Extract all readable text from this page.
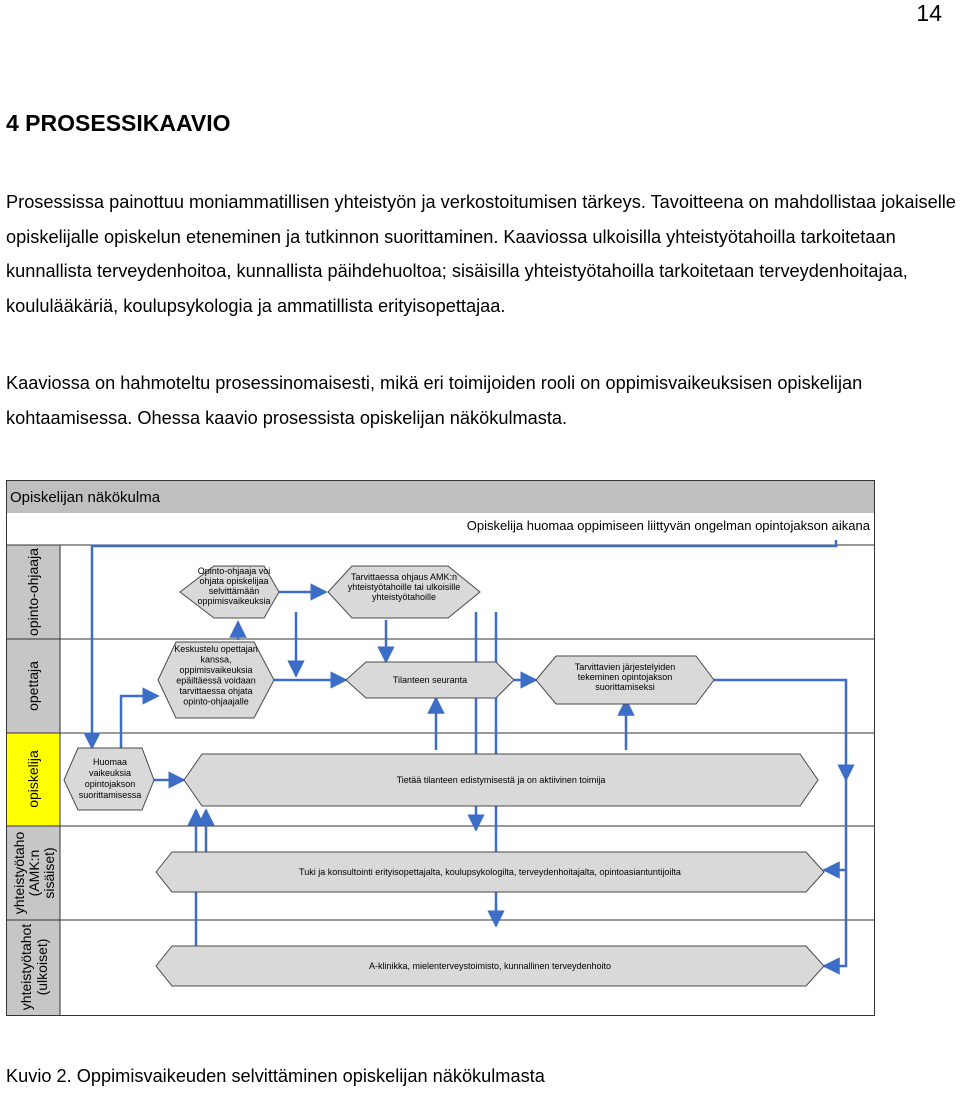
14
4 PROSESSIKAAVIO

Prosessissa painottuu moniammatillisen yhteistyön ja verkostoitumisen tärkeys. Tavoitteena on mahdollistaa jokaiselle opiskelijalle opiskelun eteneminen ja tutkinnon suorittaminen. Kaaviossa ulkoisilla yhteistyötahoilla tarkoitetaan kunnallista terveydenhoitoa, kunnallista päihdehuoltoa; sisäisilla yhteistyötahoilla tarkoitetaan terveydenhoitajaa, koululääkäriä, koulupsykologia ja ammatillista erityisopettajaa.

Kaaviossa on hahmoteltu prosessinomaisesti, mikä eri toimijoiden rooli on oppimisvaikeuksisen opiskelijan kohtaamisessa. Ohessa kaavio prosessista opiskelijan näkökulmasta.

Opiskelijan näkökulma
Opiskelija huomaa oppimiseen liittyvän ongelman opintojakson aikana
opinto-ohjaaja
opettaja
opiskelija
yhteistyötaho (AMK:n sisäiset)
yhteistyötahot (ulkoiset)
Opinto-ohjaaja voi
ohjata opiskelijaa
selvittämään
oppimisvaikeuksia
Tarvittaessa ohjaus AMK:n
yhteistyötahoille tai ulkoisille
yhteistyötahoille
Keskustelu opettajan
kanssa,
oppimisvaikeuksia
epäiltäessä voidaan
tarvittaessa ohjata
opinto-ohjaajalle
Tilanteen seuranta
Tarvittavien järjestelyiden
tekeminen opintojakson
suorittamiseksi
Huomaa
vaikeuksia
opintojakson
suorittamisessa
Tietää tilanteen edistymisestä ja on aktiivinen toimija
Tuki ja konsultointi erityisopettajalta, koulupsykologilta, terveydenhoitajalta, opintoasiantuntijoilta
A-klinikka, mielenterveystoimisto, kunnallinen terveydenhoito

Kuvio 2. Oppimisvaikeuden selvittäminen opiskelijan näkökulmasta
